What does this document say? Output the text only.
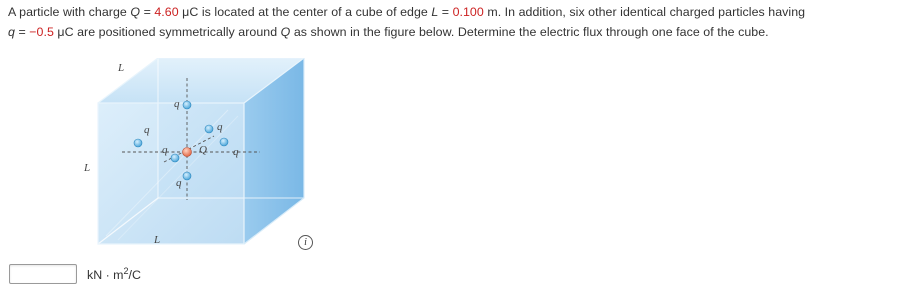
A particle with charge Q = 4.60 μC is located at the center of a cube of edge L = 0.100 m. In addition, six other identical charged particles having
q = −0.5 μC are positioned symmetrically around Q as shown in the figure below. Determine the electric flux through one face of the cube.
L
L
L
q
q
q
q
q
q
Q
i
kN · $m^2/C$
